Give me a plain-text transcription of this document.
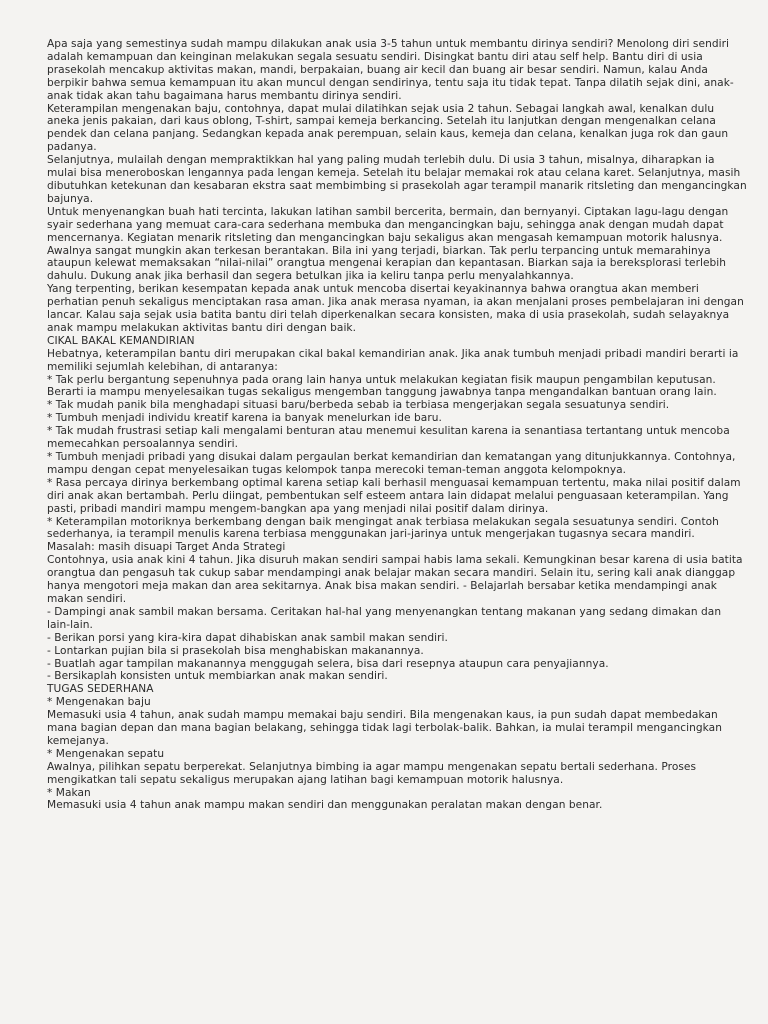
Apa saja yang semestinya sudah mampu dilakukan anak usia 3-5 tahun untuk membantu dirinya sendiri? Menolong diri sendiri adalah kemampuan dan keinginan melakukan segala sesuatu sendiri. Disingkat bantu diri atau self help. Bantu diri di usia prasekolah mencakup aktivitas makan, mandi, berpakaian, buang air kecil dan buang air besar sendiri. Namun, kalau Anda berpikir bahwa semua kemampuan itu akan muncul dengan sendirinya, tentu saja itu tidak tepat. Tanpa dilatih sejak dini, anak-anak tidak akan tahu bagaimana harus membantu dirinya sendiri.

Keterampilan mengenakan baju, contohnya, dapat mulai dilatihkan sejak usia 2 tahun. Sebagai langkah awal, kenalkan dulu aneka jenis pakaian, dari kaus oblong, T-shirt, sampai kemeja berkancing. Setelah itu lanjutkan dengan mengenalkan celana pendek dan celana panjang. Sedangkan kepada anak perempuan, selain kaus, kemeja dan celana, kenalkan juga rok dan gaun padanya.

Selanjutnya, mulailah dengan mempraktikkan hal yang paling mudah terlebih dulu. Di usia 3 tahun, misalnya, diharapkan ia mulai bisa meneroboskan lengannya pada lengan kemeja. Setelah itu belajar memakai rok atau celana karet. Selanjutnya, masih dibutuhkan ketekunan dan kesabaran ekstra saat membimbing si prasekolah agar terampil manarik ritsleting dan mengancingkan bajunya.

Untuk menyenangkan buah hati tercinta, lakukan latihan sambil bercerita, bermain, dan bernyanyi. Ciptakan lagu-lagu dengan syair sederhana yang memuat cara-cara sederhana membuka dan mengancingkan baju, sehingga anak dengan mudah dapat mencernanya. Kegiatan menarik ritsleting dan mengancingkan baju sekaligus akan mengasah kemampuan motorik halusnya.

Awalnya sangat mungkin akan terkesan berantakan. Bila ini yang terjadi, biarkan. Tak perlu terpancing untuk memarahinya ataupun kelewat memaksakan “nilai-nilai” orangtua mengenai kerapian dan kepantasan. Biarkan saja ia bereksplorasi terlebih dahulu. Dukung anak jika berhasil dan segera betulkan jika ia keliru tanpa perlu menyalahkannya.

Yang terpenting, berikan kesempatan kepada anak untuk mencoba disertai keyakinannya bahwa orangtua akan memberi perhatian penuh sekaligus menciptakan rasa aman. Jika anak merasa nyaman, ia akan menjalani proses pembelajaran ini dengan lancar. Kalau saja sejak usia batita bantu diri telah diperkenalkan secara konsisten, maka di usia prasekolah, sudah selayaknya anak mampu melakukan aktivitas bantu diri dengan baik.

CIKAL BAKAL KEMANDIRIAN

Hebatnya, keterampilan bantu diri merupakan cikal bakal kemandirian anak. Jika anak tumbuh menjadi pribadi mandiri berarti ia memiliki sejumlah kelebihan, di antaranya:

* Tak perlu bergantung sepenuhnya pada orang lain hanya untuk melakukan kegiatan fisik maupun pengambilan keputusan. Berarti ia mampu menyelesaikan tugas sekaligus mengemban tanggung jawabnya tanpa mengandalkan bantuan orang lain.

* Tak mudah panik bila menghadapi situasi baru/berbeda sebab ia terbiasa mengerjakan segala sesuatunya sendiri.

* Tumbuh menjadi individu kreatif karena ia banyak menelurkan ide baru.

* Tak mudah frustrasi setiap kali mengalami benturan atau menemui kesulitan karena ia senantiasa tertantang untuk mencoba memecahkan persoalannya sendiri.

* Tumbuh menjadi pribadi yang disukai dalam pergaulan berkat kemandirian dan kematangan yang ditunjukkannya. Contohnya, mampu dengan cepat menyelesaikan tugas kelompok tanpa merecoki teman-teman anggota kelompoknya.

* Rasa percaya dirinya berkembang optimal karena setiap kali berhasil menguasai kemampuan tertentu, maka nilai positif dalam diri anak akan bertambah. Perlu diingat, pembentukan self esteem antara lain didapat melalui penguasaan keterampilan. Yang pasti, pribadi mandiri mampu mengem-bangkan apa yang menjadi nilai positif dalam dirinya.

* Keterampilan motoriknya berkembang dengan baik mengingat anak terbiasa melakukan segala sesuatunya sendiri. Contoh sederhanya, ia terampil menulis karena terbiasa menggunakan jari-jarinya untuk mengerjakan tugasnya secara mandiri.

Masalah: masih disuapi Target Anda Strategi

Contohnya, usia anak kini 4 tahun. Jika disuruh makan sendiri sampai habis lama sekali. Kemungkinan besar karena di usia batita orangtua dan pengasuh tak cukup sabar mendampingi anak belajar makan secara mandiri. Selain itu, sering kali anak dianggap hanya mengotori meja makan dan area sekitarnya. Anak bisa makan sendiri. - Belajarlah bersabar ketika mendampingi anak makan sendiri.

- Dampingi anak sambil makan bersama. Ceritakan hal-hal yang menyenangkan tentang makanan yang sedang dimakan dan lain-lain.

- Berikan porsi yang kira-kira dapat dihabiskan anak sambil makan sendiri.

- Lontarkan pujian bila si prasekolah bisa menghabiskan makanannya.

- Buatlah agar tampilan makanannya menggugah selera, bisa dari resepnya ataupun cara penyajiannya.

- Bersikaplah konsisten untuk membiarkan anak makan sendiri.

TUGAS SEDERHANA

* Mengenakan baju

Memasuki usia 4 tahun, anak sudah mampu memakai baju sendiri. Bila mengenakan kaus, ia pun sudah dapat membedakan mana bagian depan dan mana bagian belakang, sehingga tidak lagi terbolak-balik. Bahkan, ia mulai terampil mengancingkan kemejanya.

* Mengenakan sepatu

Awalnya, pilihkan sepatu berperekat. Selanjutnya bimbing ia agar mampu mengenakan sepatu bertali sederhana. Proses mengikatkan tali sepatu sekaligus merupakan ajang latihan bagi kemampuan motorik halusnya.

* Makan

Memasuki usia 4 tahun anak mampu makan sendiri dan menggunakan peralatan makan dengan benar.
